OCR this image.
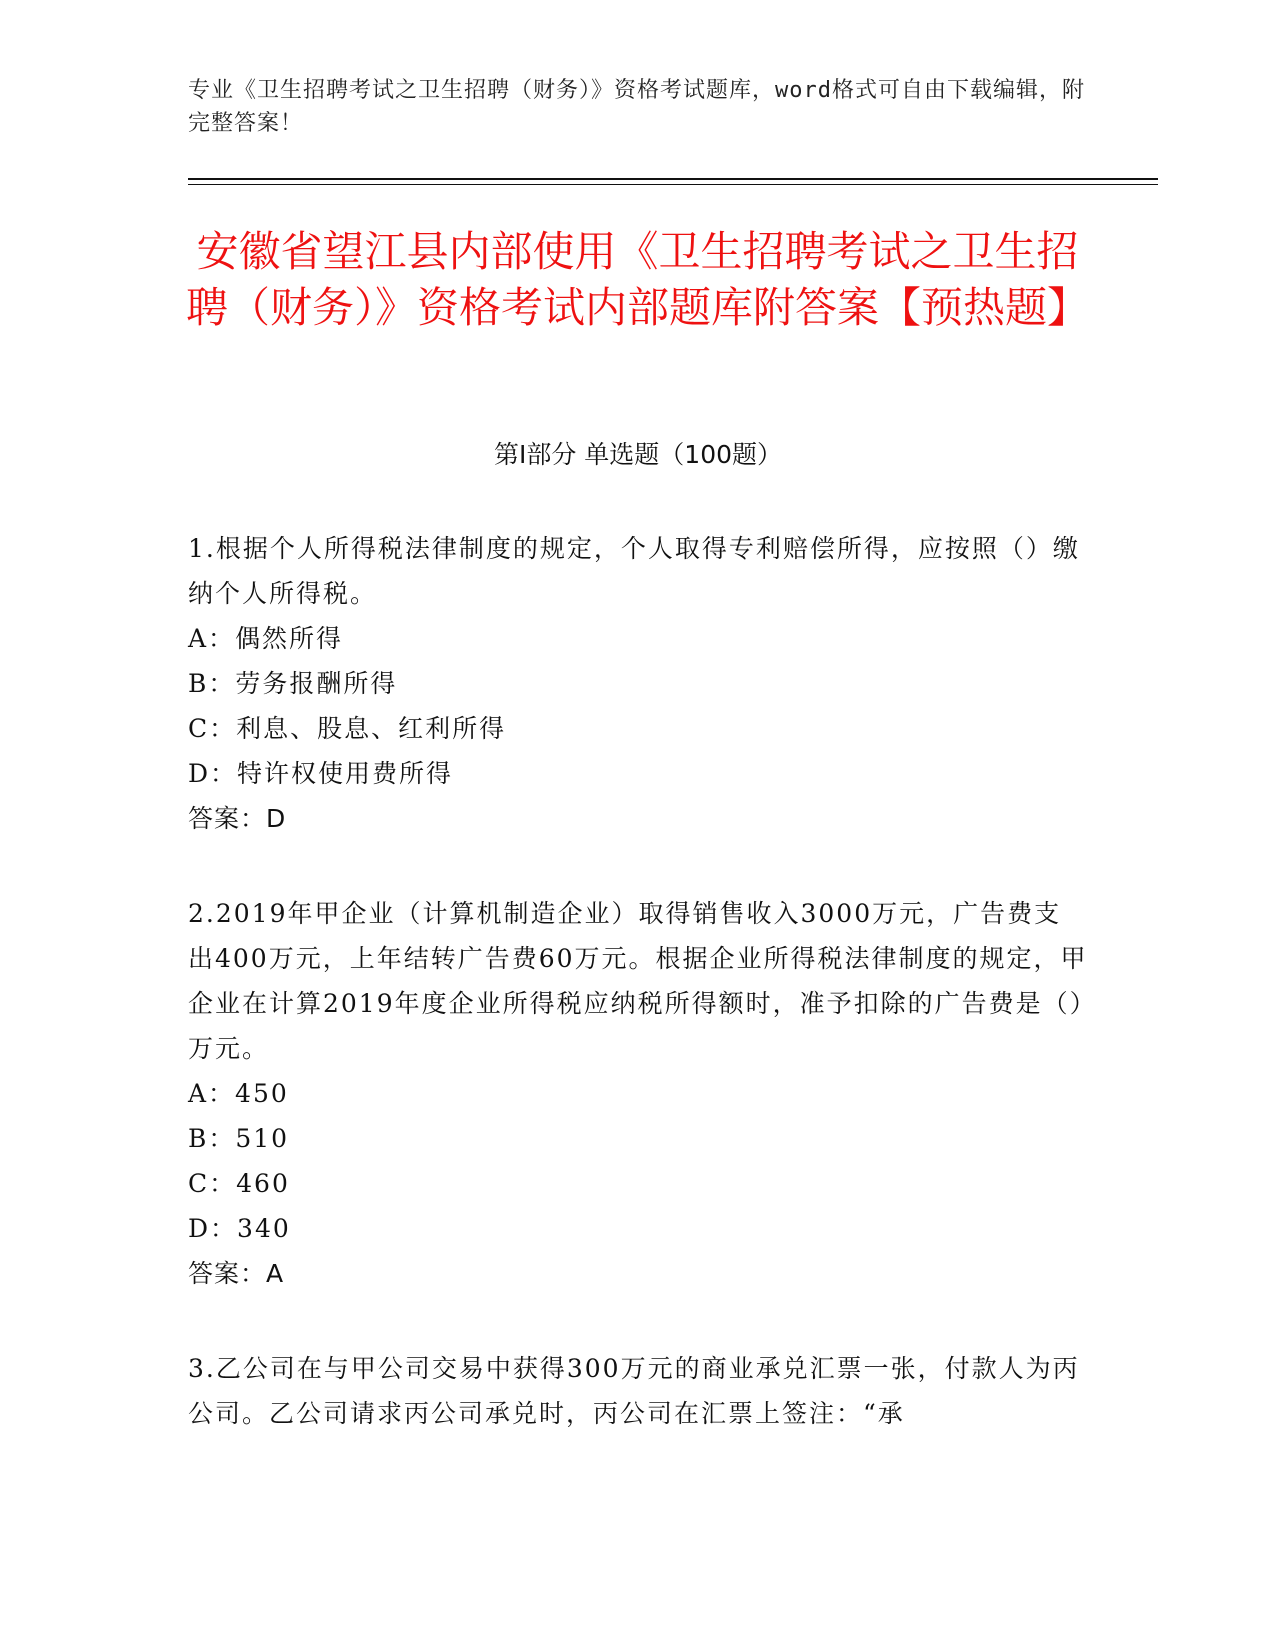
专业《卫生招聘考试之卫生招聘（财务）》资格考试题库，word格式可自由下载编辑，附完整答案！
安徽省望江县内部使用《卫生招聘考试之卫生招聘（财务）》资格考试内部题库附答案【预热题】
第I部分 单选题（100题）
1.根据个人所得税法律制度的规定，个人取得专利赔偿所得，应按照（）缴纳个人所得税。
A：偶然所得
B：劳务报酬所得
C：利息、股息、红利所得
D：特许权使用费所得
答案：D
2.2019年甲企业（计算机制造企业）取得销售收入3000万元，广告费支出400万元，上年结转广告费60万元。根据企业所得税法律制度的规定，甲企业在计算2019年度企业所得税应纳税所得额时，准予扣除的广告费是（）万元。
A：450
B：510
C：460
D：340
答案：A
3.乙公司在与甲公司交易中获得300万元的商业承兑汇票一张，付款人为丙公司。乙公司请求丙公司承兑时，丙公司在汇票上签注：“承
